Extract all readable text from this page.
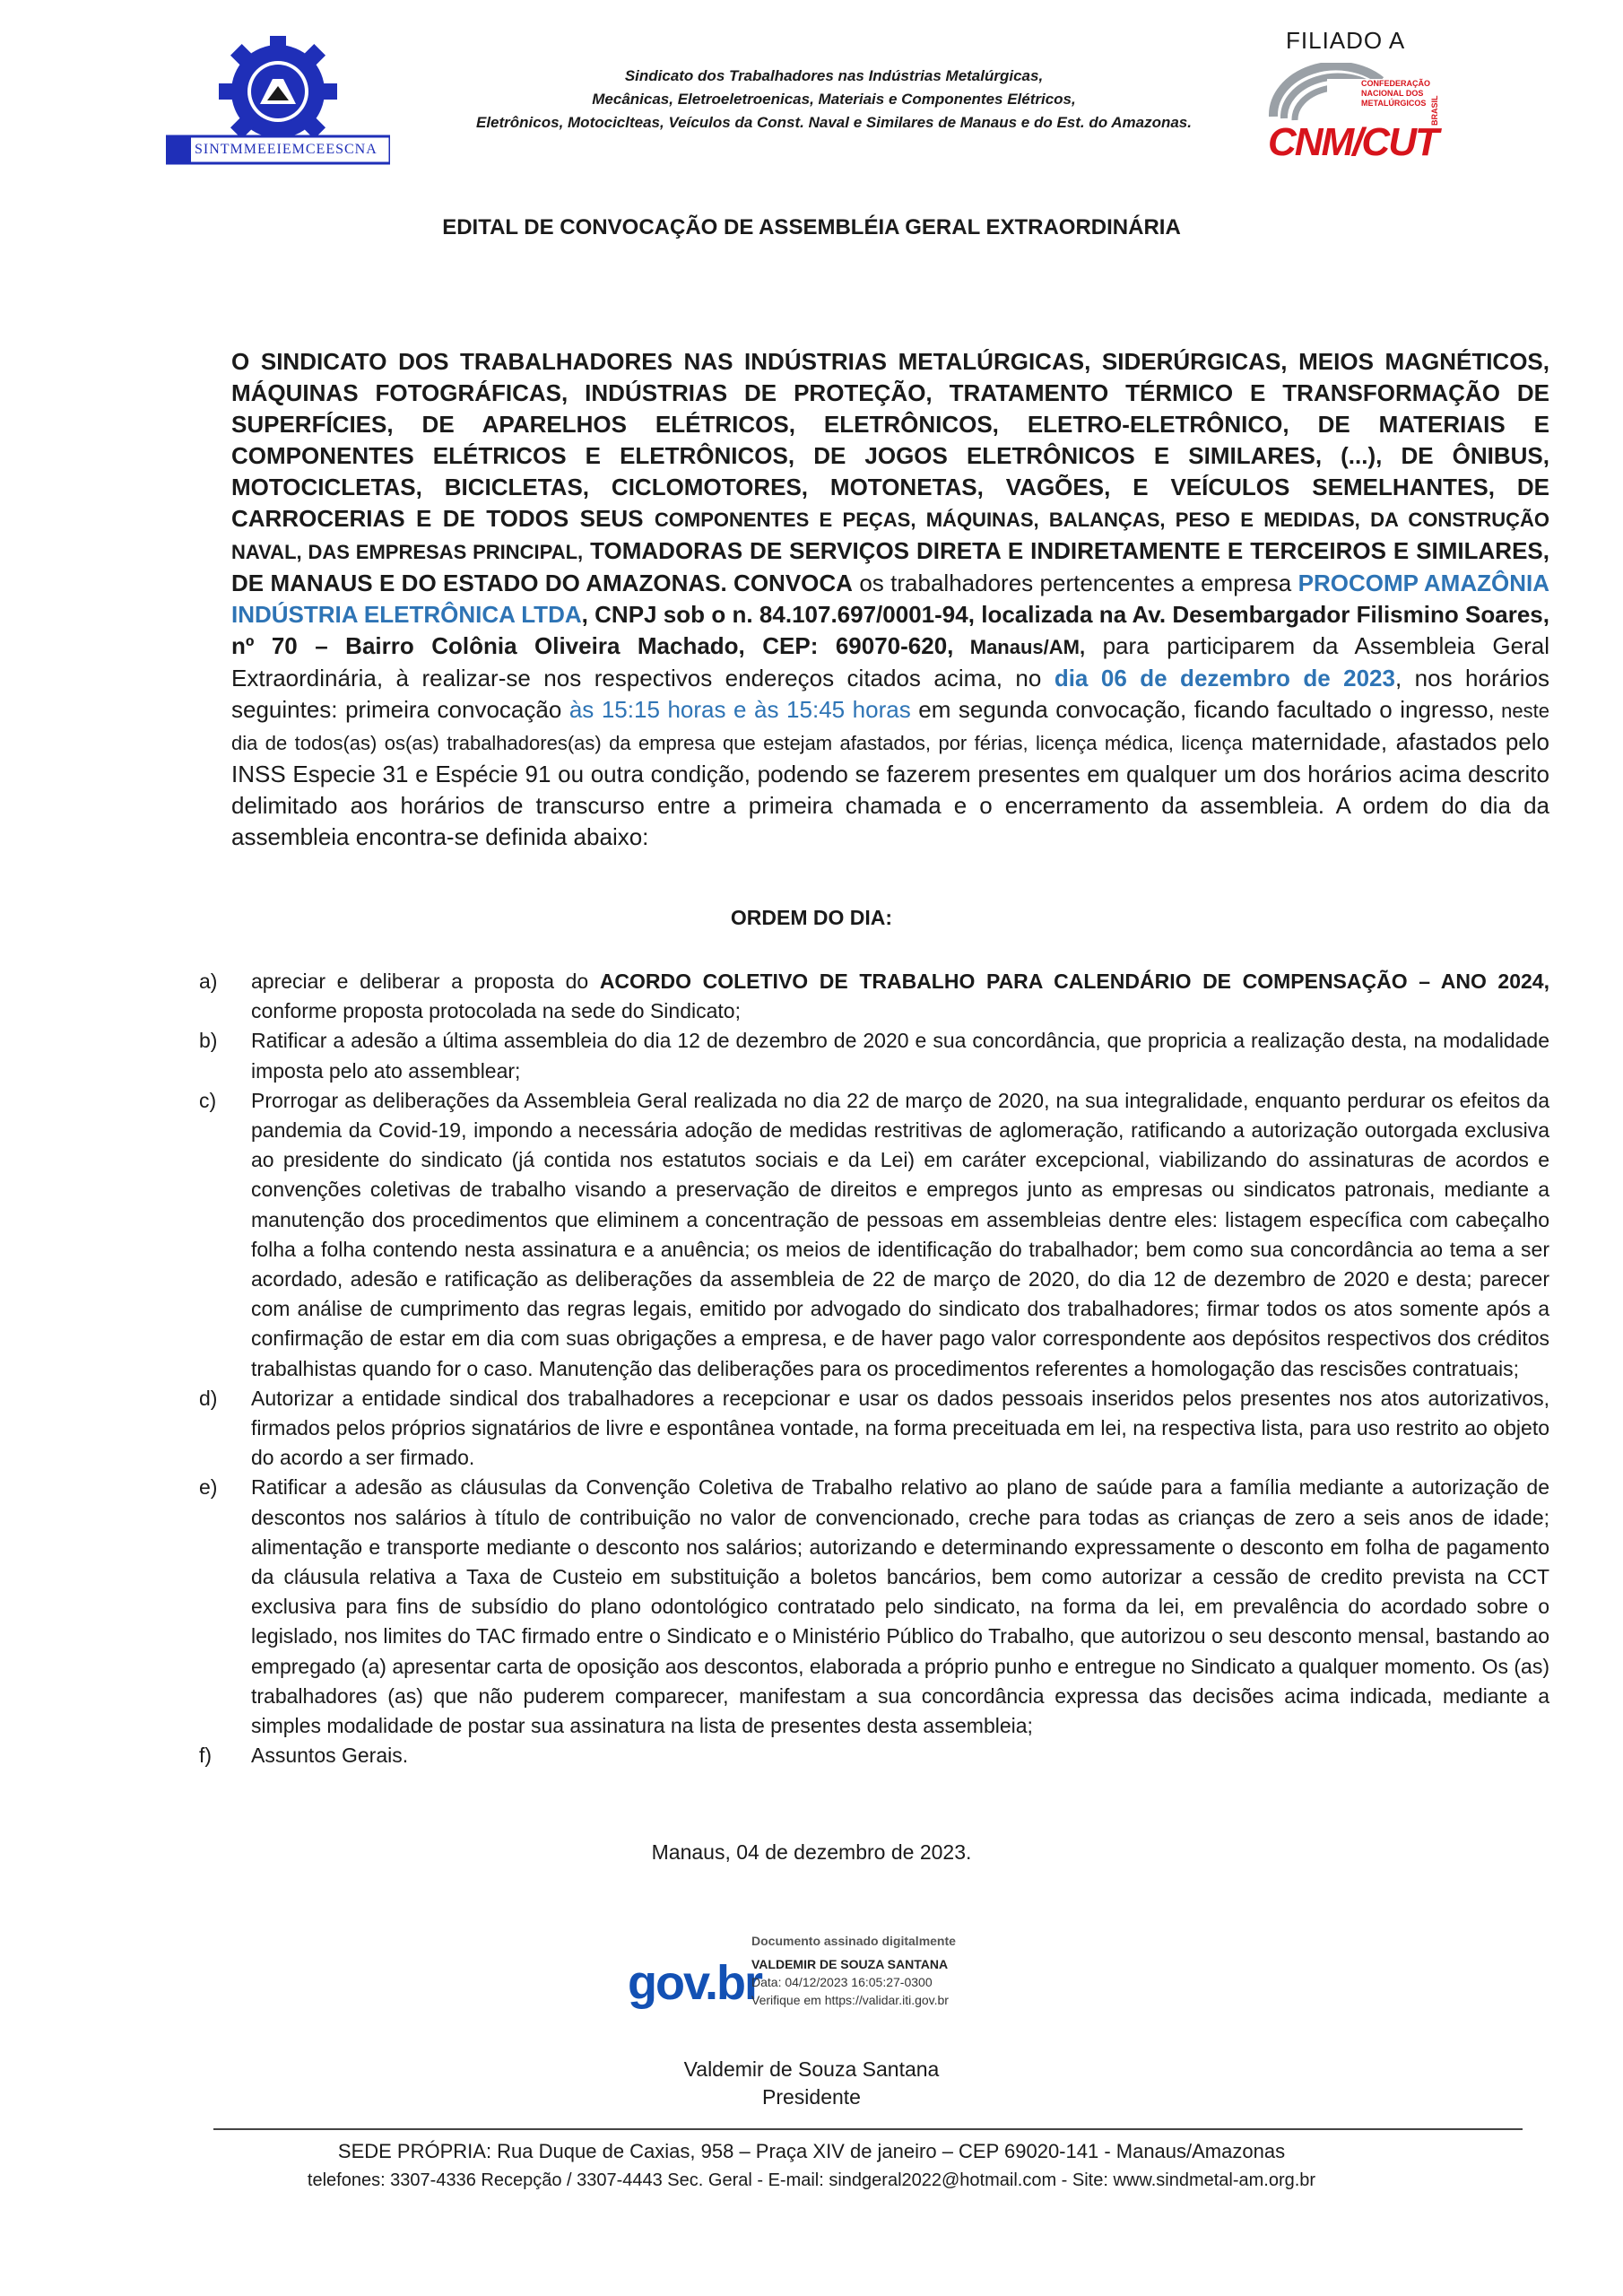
SINTMMEEIEMCEESCNA
Sindicato dos Trabalhadores nas Indústrias Metalúrgicas,
Mecânicas, Eletroeletroenicas, Materiais e Componentes Elétricos,
Eletrônicos, Motociclteas, Veículos da Const. Naval e Similares de Manaus e do Est. do Amazonas.
FILIADO A
CONFEDERAÇÃO NACIONAL DOS METALÚRGICOS
CNM/CUT
BRASIL
EDITAL DE CONVOCAÇÃO DE ASSEMBLÉIA GERAL EXTRAORDINÁRIA
O SINDICATO DOS TRABALHADORES NAS INDÚSTRIAS METALÚRGICAS, SIDERÚRGICAS, MEIOS MAGNÉTICOS, MÁQUINAS FOTOGRÁFICAS, INDÚSTRIAS DE PROTEÇÃO, TRATAMENTO TÉRMICO E TRANSFORMAÇÃO DE SUPERFÍCIES, DE APARELHOS ELÉTRICOS, ELETRÔNICOS, ELETRO-ELETRÔNICO, DE MATERIAIS E COMPONENTES ELÉTRICOS E ELETRÔNICOS, DE JOGOS ELETRÔNICOS E SIMILARES, (...), DE ÔNIBUS, MOTOCICLETAS, BICICLETAS, CICLOMOTORES, MOTONETAS, VAGÕES, E VEÍCULOS SEMELHANTES, DE CARROCERIAS E DE TODOS SEUS COMPONENTES E PEÇAS, MÁQUINAS, BALANÇAS, PESO E MEDIDAS, DA CONSTRUÇÃO NAVAL, DAS EMPRESAS PRINCIPAL, TOMADORAS DE SERVIÇOS DIRETA E INDIRETAMENTE E TERCEIROS E SIMILARES, DE MANAUS E DO ESTADO DO AMAZONAS. CONVOCA os trabalhadores pertencentes a empresa PROCOMP AMAZÔNIA INDÚSTRIA ELETRÔNICA LTDA, CNPJ sob o n. 84.107.697/0001-94, localizada na Av. Desembargador Filismino Soares, nº 70 – Bairro Colônia Oliveira Machado, CEP: 69070-620, Manaus/AM, para participarem da Assembleia Geral Extraordinária, à realizar-se nos respectivos endereços citados acima, no dia 06 de dezembro de 2023, nos horários seguintes: primeira convocação às 15:15 horas e às 15:45 horas em segunda convocação, ficando facultado o ingresso, neste dia de todos(as) os(as) trabalhadores(as) da empresa que estejam afastados, por férias, licença médica, licença maternidade, afastados pelo INSS Especie 31 e Espécie 91 ou outra condição, podendo se fazerem presentes em qualquer um dos horários acima descrito delimitado aos horários de transcurso entre a primeira chamada e o encerramento da assembleia. A ordem do dia da assembleia encontra-se definida abaixo:
ORDEM DO DIA:
a) apreciar e deliberar a proposta do ACORDO COLETIVO DE TRABALHO PARA CALENDÁRIO DE COMPENSAÇÃO – ANO 2024, conforme proposta protocolada na sede do Sindicato;
b) Ratificar a adesão a última assembleia do dia 12 de dezembro de 2020 e sua concordância, que propricia a realização desta, na modalidade imposta pelo ato assemblear;
c) Prorrogar as deliberações da Assembleia Geral realizada no dia 22 de março de 2020, na sua integralidade, enquanto perdurar os efeitos da pandemia da Covid-19, impondo a necessária adoção de medidas restritivas de aglomeração, ratificando a autorização outorgada exclusiva ao presidente do sindicato (já contida nos estatutos sociais e da Lei) em caráter excepcional, viabilizando do assinaturas de acordos e convenções coletivas de trabalho visando a preservação de direitos e empregos junto as empresas ou sindicatos patronais, mediante a manutenção dos procedimentos que eliminem a concentração de pessoas em assembleias dentre eles: listagem específica com cabeçalho folha a folha contendo nesta assinatura e a anuência; os meios de identificação do trabalhador; bem como sua concordância ao tema a ser acordado, adesão e ratificação as deliberações da assembleia de 22 de março de 2020, do dia 12 de dezembro de 2020 e desta; parecer com análise de cumprimento das regras legais, emitido por advogado do sindicato dos trabalhadores; firmar todos os atos somente após a confirmação de estar em dia com suas obrigações a empresa, e de haver pago valor correspondente aos depósitos respectivos dos créditos trabalhistas quando for o caso. Manutenção das deliberações para os procedimentos referentes a homologação das rescisões contratuais;
d) Autorizar a entidade sindical dos trabalhadores a recepcionar e usar os dados pessoais inseridos pelos presentes nos atos autorizativos, firmados pelos próprios signatários de livre e espontânea vontade, na forma preceituada em lei, na respectiva lista, para uso restrito ao objeto do acordo a ser firmado.
e) Ratificar a adesão as cláusulas da Convenção Coletiva de Trabalho relativo ao plano de saúde para a família mediante a autorização de descontos nos salários à título de contribuição no valor de convencionado, creche para todas as crianças de zero a seis anos de idade; alimentação e transporte mediante o desconto nos salários; autorizando e determinando expressamente o desconto em folha de pagamento da cláusula relativa a Taxa de Custeio em substituição a boletos bancários, bem como autorizar a cessão de credito prevista na CCT exclusiva para fins de subsídio do plano odontológico contratado pelo sindicato, na forma da lei, em prevalência do acordado sobre o legislado, nos limites do TAC firmado entre o Sindicato e o Ministério Público do Trabalho, que autorizou o seu desconto mensal, bastando ao empregado (a) apresentar carta de oposição aos descontos, elaborada a próprio punho e entregue no Sindicato a qualquer momento. Os (as) trabalhadores (as) que não puderem comparecer, manifestam a sua concordância expressa das decisões acima indicada, mediante a simples modalidade de postar sua assinatura na lista de presentes desta assembleia;
f) Assuntos Gerais.
Manaus, 04 de dezembro de 2023.
gov.br
Documento assinado digitalmente
VALDEMIR DE SOUZA SANTANA
Data: 04/12/2023 16:05:27-0300
Verifique em https://validar.iti.gov.br
Valdemir de Souza Santana
Presidente
SEDE PRÓPRIA: Rua Duque de Caxias, 958 – Praça XIV de janeiro – CEP 69020-141 - Manaus/Amazonas
telefones: 3307-4336 Recepção / 3307-4443 Sec. Geral - E-mail: sindgeral2022@hotmail.com - Site: www.sindmetal-am.org.br
